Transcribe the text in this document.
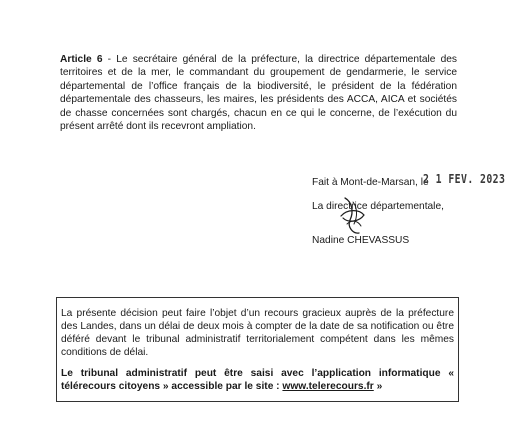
Article 6 - Le secrétaire général de la préfecture, la directrice départementale des territoires et de la mer, le commandant du groupement de gendarmerie, le service départemental de l’office français de la biodiversité, le président de la fédération départementale des chasseurs, les maires, les présidents des ACCA, AICA et sociétés de chasse concernées sont chargés, chacun en ce qui le concerne, de l’exécution du présent arrêté dont ils recevront ampliation.
Fait à Mont-de-Marsan, le
2 1 FEV. 2023
La directrice départementale,
Nadine CHEVASSUS

La présente décision peut faire l’objet d’un recours gracieux auprès de la préfecture des Landes, dans un délai de deux mois à compter de la date de sa notification ou être déféré devant le tribunal administratif territorialement compétent dans les mêmes conditions de délai.

Le tribunal administratif peut être saisi avec l’application informatique « télérecours citoyens » accessible par le site : www.telerecours.fr »
